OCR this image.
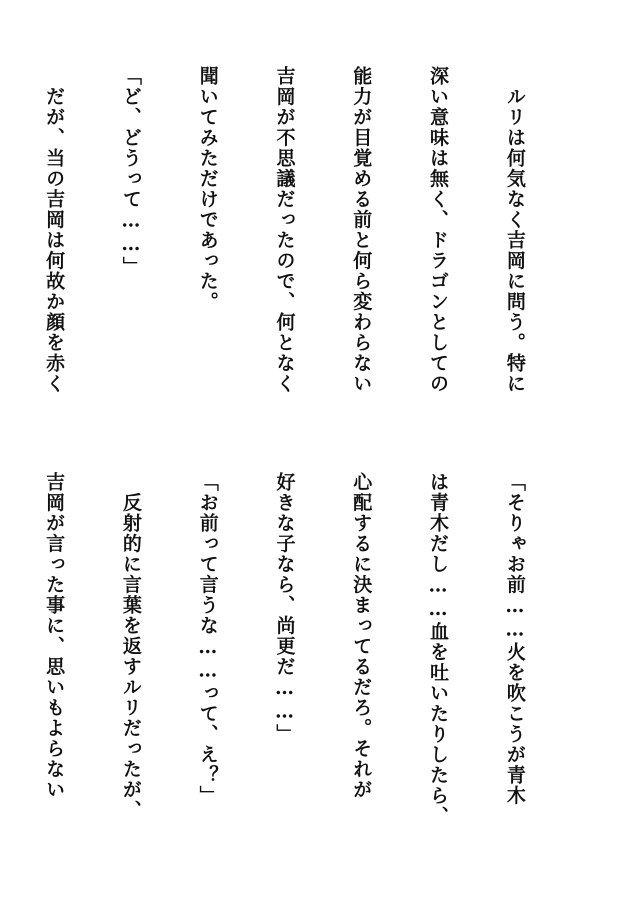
　ルリは何気なく吉岡に問う。特に

深い意味は無く、ドラゴンとしての

能力が目覚める前と何ら変わらない

吉岡が不思議だったので、何となく

聞いてみただけであった。

「ど、どうって……」

　だが、当の吉岡は何故か顔を赤く

「そりゃお前……火を吹こうが青木

は青木だし……血を吐いたりしたら、

心配するに決まってるだろ。それが

好きな子なら、尚更だ……」

「お前って言うな……って、え？」

　反射的に言葉を返すルリだったが、

吉岡が言った事に、思いもよらない
